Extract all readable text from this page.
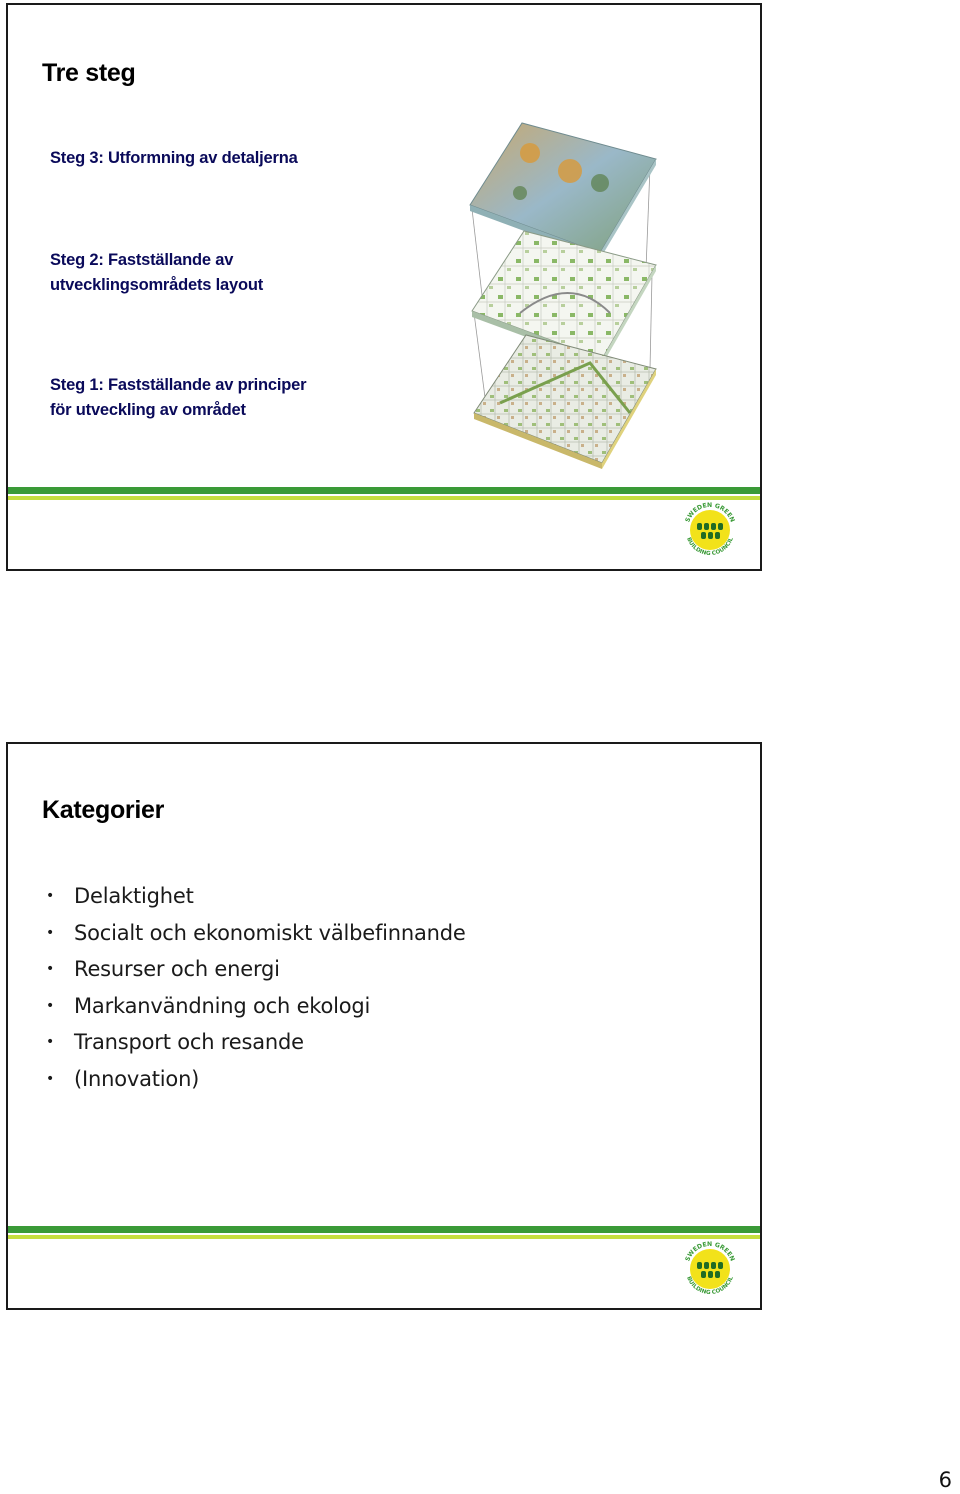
Tre steg
Steg 3: Utformning av detaljerna
Steg 2: Fastställande av
utvecklingsområdets layout
Steg 1: Fastställande av principer
för utveckling av området
SWEDEN GREEN
BUILDING COUNCIL
Kategorier
• Delaktighet
• Socialt och ekonomiskt välbefinnande
• Resurser och energi
• Markanvändning och ekologi
• Transport och resande
• (Innovation)
SWEDEN GREEN
BUILDING COUNCIL
6
